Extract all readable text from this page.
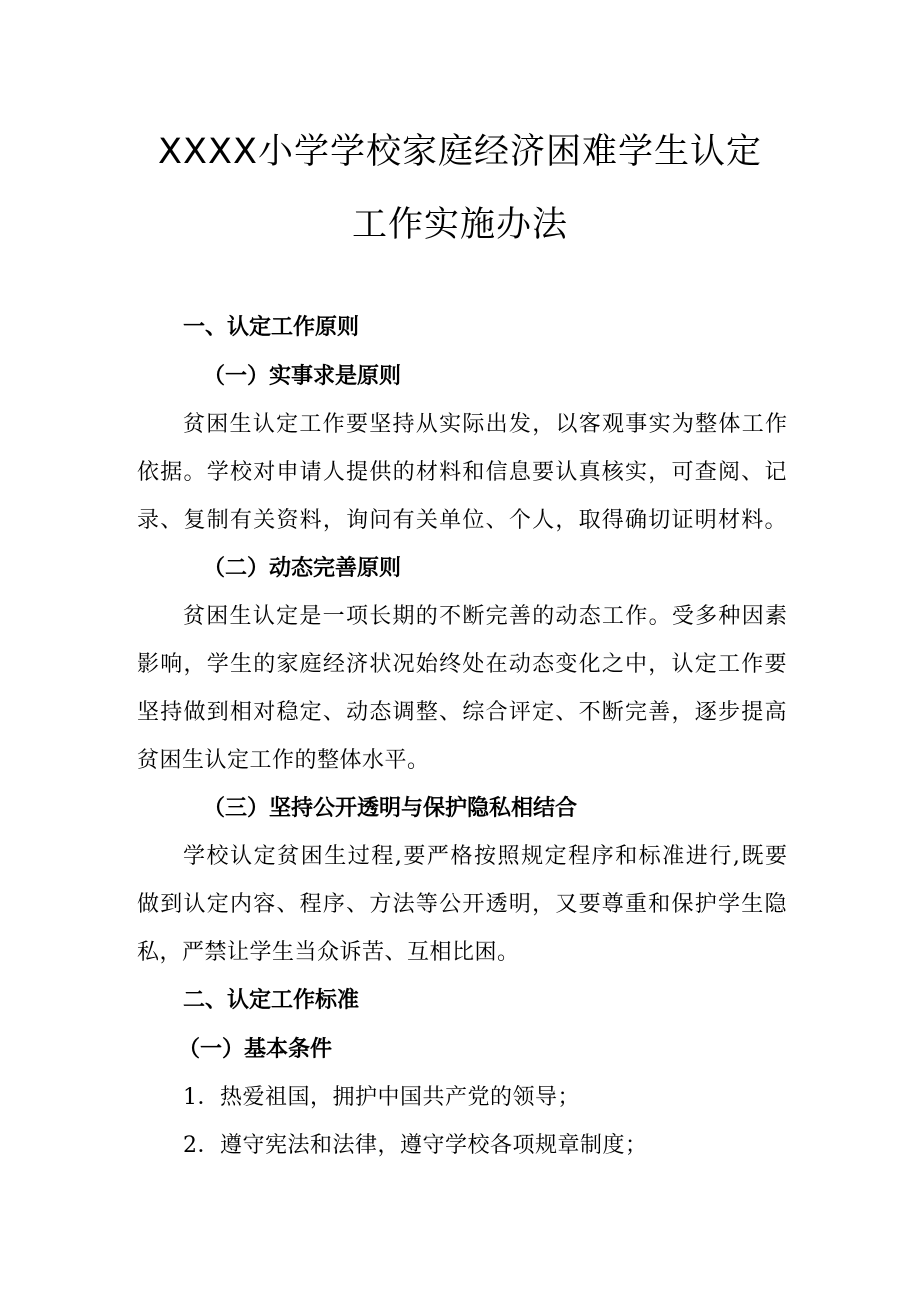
XXXX小学学校家庭经济困难学生认定
工作实施办法
一、认定工作原则
（一）实事求是原则
贫困生认定工作要坚持从实际出发，以客观事实为整体工作
依据。学校对申请人提供的材料和信息要认真核实，可查阅、记
录、复制有关资料，询问有关单位、个人，取得确切证明材料。
（二）动态完善原则
贫困生认定是一项长期的不断完善的动态工作。受多种因素
影响，学生的家庭经济状况始终处在动态变化之中，认定工作要
坚持做到相对稳定、动态调整、综合评定、不断完善，逐步提高
贫困生认定工作的整体水平。
（三）坚持公开透明与保护隐私相结合
学校认定贫困生过程,要严格按照规定程序和标准进行,既要
做到认定内容、程序、方法等公开透明，又要尊重和保护学生隐
私，严禁让学生当众诉苦、互相比困。
二、认定工作标准
（一）基本条件
1．热爱祖国，拥护中国共产党的领导；
2．遵守宪法和法律，遵守学校各项规章制度；
